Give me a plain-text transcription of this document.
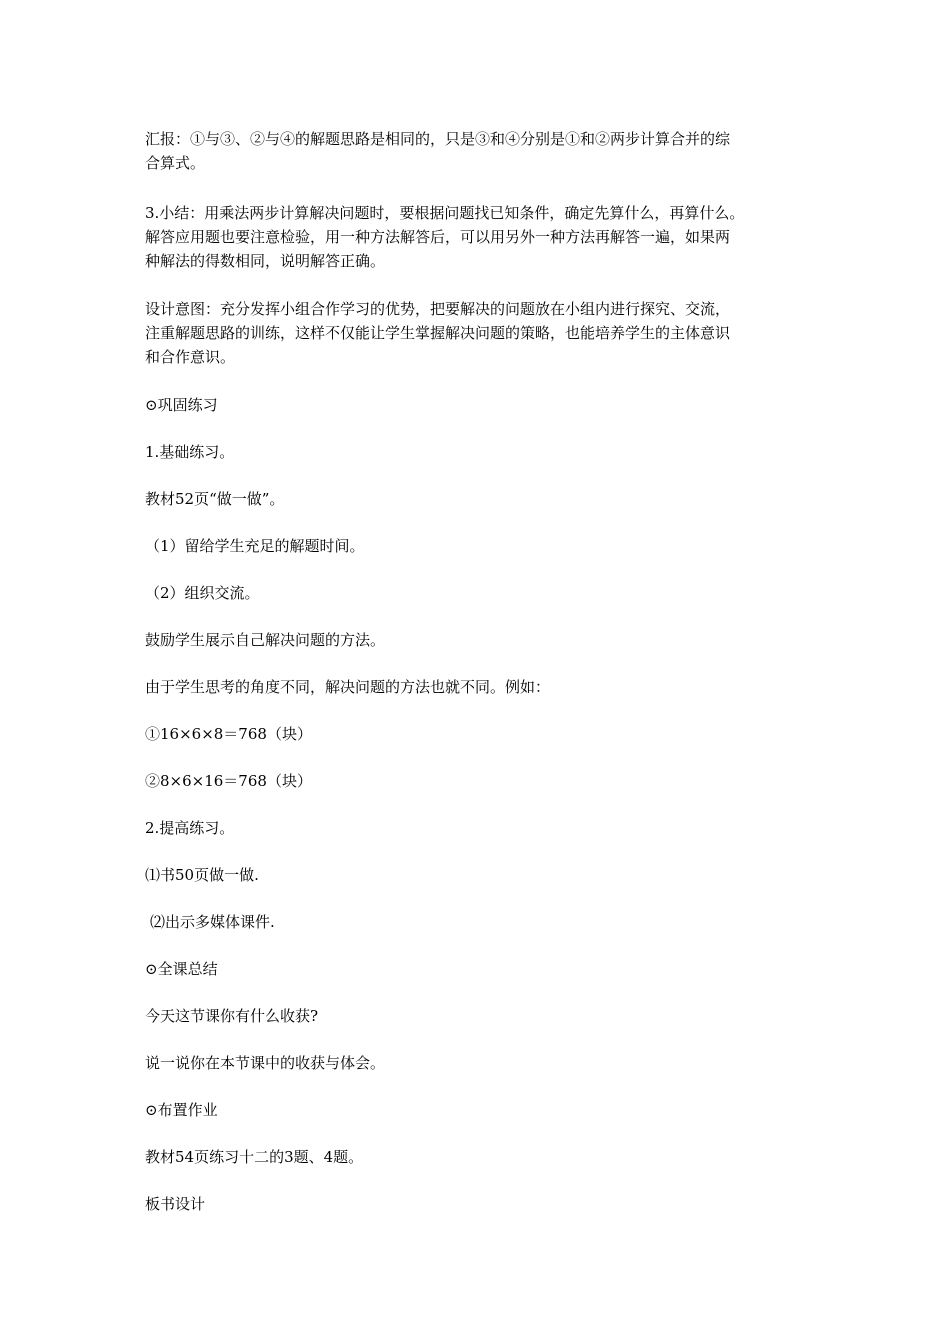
汇报：①与③、②与④的解题思路是相同的，只是③和④分别是①和②两步计算合并的综
合算式。
3.小结：用乘法两步计算解决问题时，要根据问题找已知条件，确定先算什么，再算什么。
解答应用题也要注意检验，用一种方法解答后，可以用另外一种方法再解答一遍，如果两
种解法的得数相同，说明解答正确。
设计意图：充分发挥小组合作学习的优势，把要解决的问题放在小组内进行探究、交流，
注重解题思路的训练，这样不仅能让学生掌握解决问题的策略，也能培养学生的主体意识
和合作意识。
⊙巩固练习
1.基础练习。
教材52页“做一做”。
（1）留给学生充足的解题时间。
（2）组织交流。
鼓励学生展示自己解决问题的方法。
由于学生思考的角度不同，解决问题的方法也就不同。例如：
①16×6×8＝768（块）
②8×6×16＝768（块）
2.提高练习。
⑴书50页做一做.
⑵出示多媒体课件.
⊙全课总结
今天这节课你有什么收获?
说一说你在本节课中的收获与体会。
⊙布置作业
教材54页练习十二的3题、4题。
板书设计
